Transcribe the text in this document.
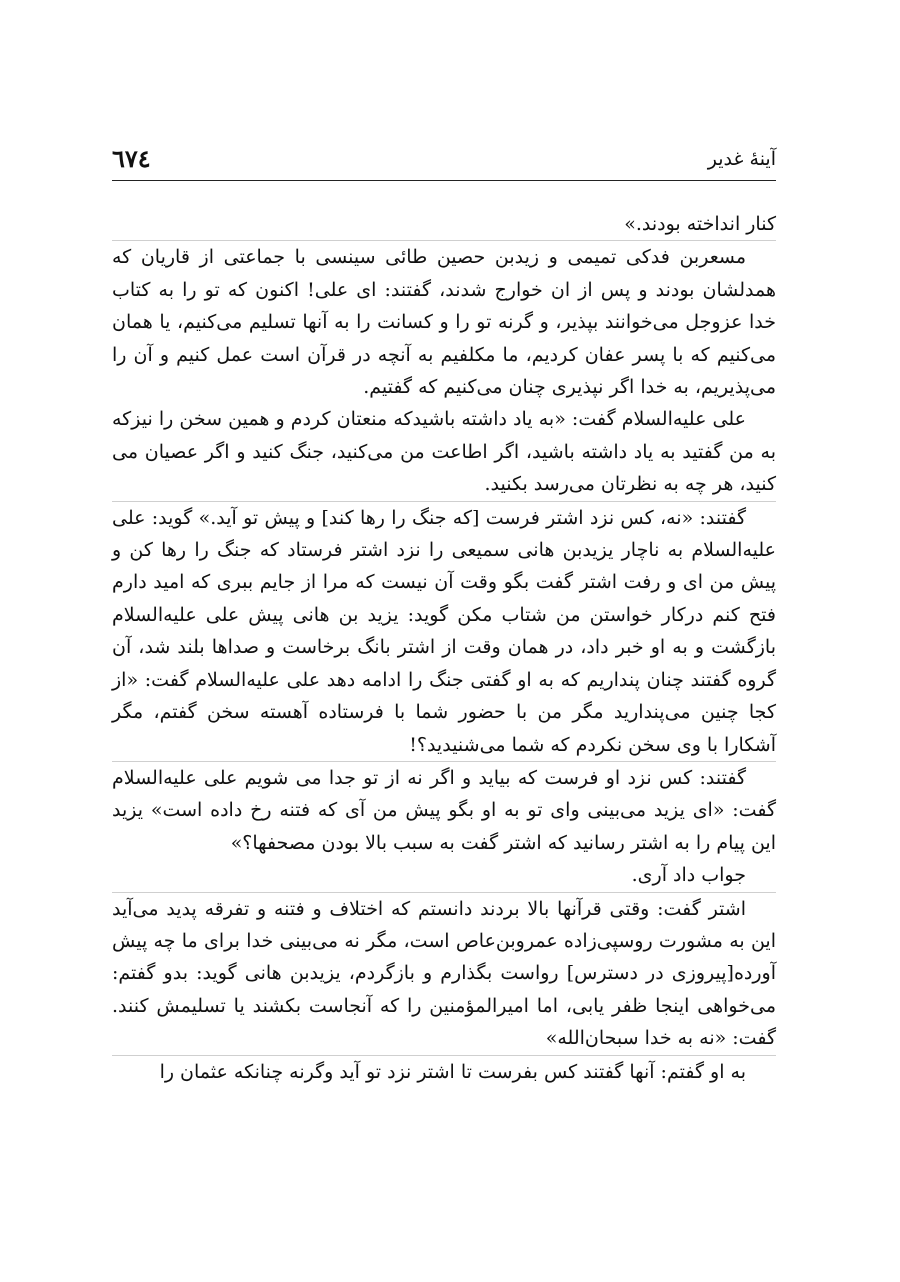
آینهٔ غدیر
٦٧٤

کنار انداخته بودند.»

مسعربن فدکی تمیمی و زیدبن حصین طائی سینسی با جماعتی از قاریان که همدلشان بودند و پس از ان خوارج شدند، گفتند: ای علی! اکنون که تو را به کتاب خدا عزوجل می‌خوانند بپذیر، و گرنه تو را و کسانت را به آنها تسلیم می‌کنیم، یا همان می‌کنیم که با پسر عفان کردیم، ما مکلفیم به آنچه در قرآن است عمل کنیم و آن را می‌پذیریم، به خدا اگر نپذیری چنان می‌کنیم که گفتیم.

علی علیه‌السلام گفت: «به یاد داشته باشیدکه منعتان کردم و همین سخن را نیزکه به من گفتید به یاد داشته باشید، اگر اطاعت من می‌کنید، جنگ کنید و اگر عصیان می کنید، هر چه به نظرتان می‌رسد بکنید.

گفتند: «نه، کس نزد اشتر فرست [که جنگ را رها کند] و پیش تو آید.» گوید: علی علیه‌السلام به ناچار یزیدبن هانی سمیعی را نزد اشتر فرستاد که جنگ را رها کن و پیش من ای و رفت اشتر گفت بگو وقت آن نیست که مرا از جایم ببری که امید دارم فتح کنم درکار خواستن من شتاب مکن گوید: یزید بن هانی پیش علی علیه‌السلام بازگشت و به او خبر داد، در همان وقت از اشتر بانگ برخاست و صداها بلند شد، آن گروه گفتند چنان پنداریم که به او گفتی جنگ را ادامه دهد علی علیه‌السلام گفت: «از کجا چنین می‌پندارید مگر من با حضور شما با فرستاده آهسته سخن گفتم، مگر آشکارا با وی سخن نکردم که شما می‌شنیدید؟!

گفتند: کس نزد او فرست که بیاید و اگر نه از تو جدا می شویم علی علیه‌السلام گفت: «ای یزید می‌بینی وای تو به او بگو پیش من آی که فتنه رخ داده است» یزید این پیام را به اشتر رسانید که اشتر گفت به سبب بالا بودن مصحفها؟»

جواب داد آری.

اشتر گفت: وقتی قرآنها بالا بردند دانستم که اختلاف و فتنه و تفرقه پدید می‌آید این به مشورت روسپی‌زاده عمروبن‌عاص است، مگر نه می‌بینی خدا برای ما چه پیش آورده[پیروزی در دسترس] رواست بگذارم و بازگردم، یزیدبن هانی گوید: بدو گفتم: می‌خواهی اینجا ظفر یابی، اما امیرالمؤمنین را که آنجاست بکشند یا تسلیمش کنند. گفت: «نه به خدا سبحان‌الله»

به او گفتم: آنها گفتند کس بفرست تا اشتر نزد تو آید وگرنه چنانکه عثمان را
